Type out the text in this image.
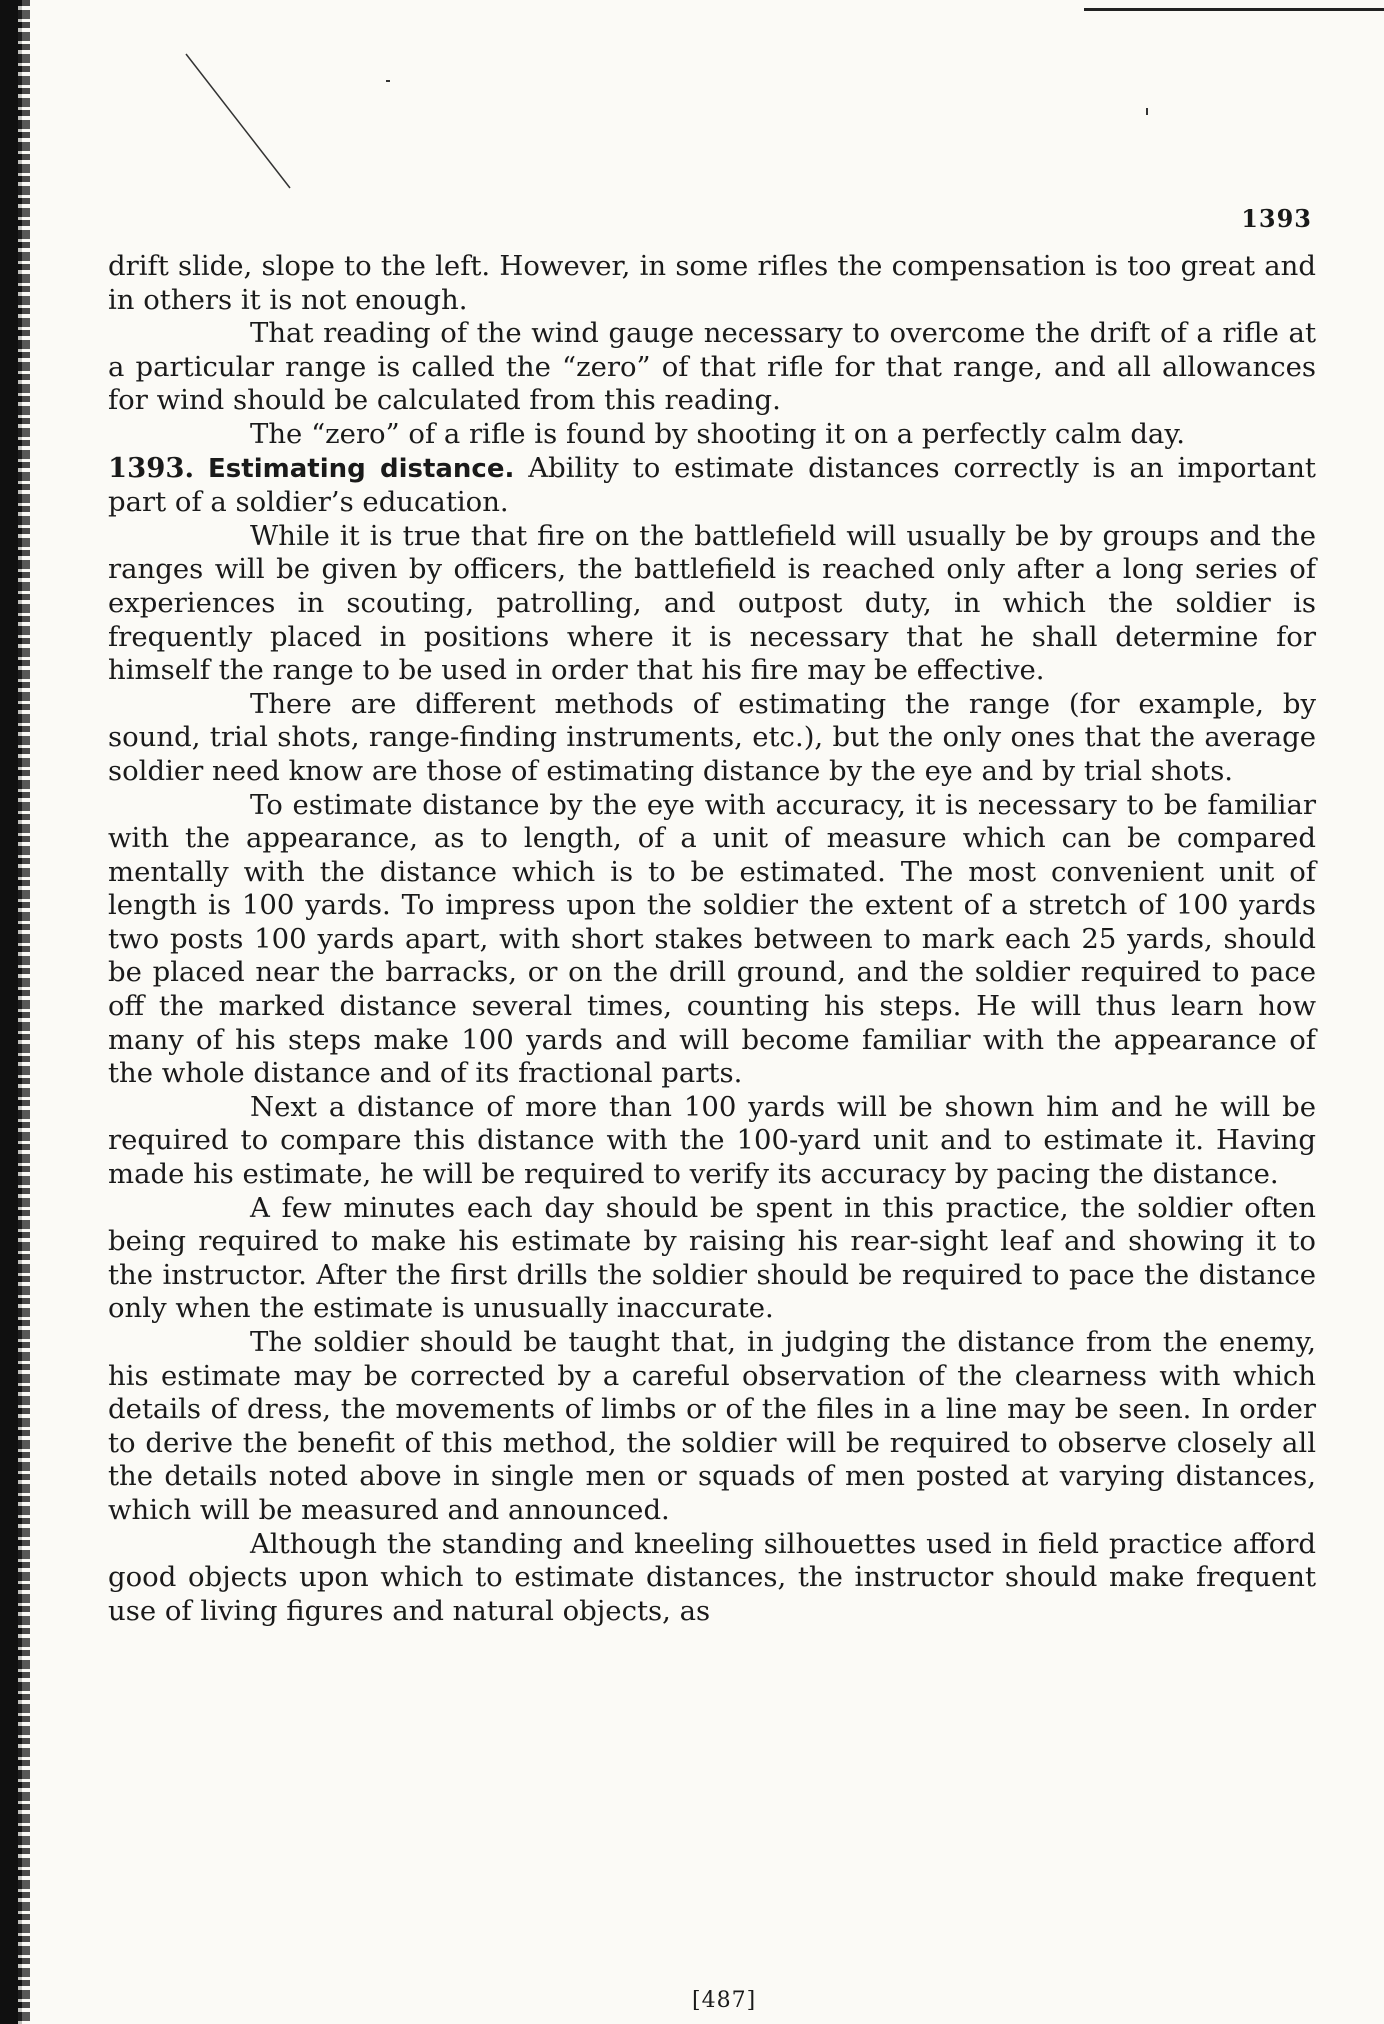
1393

drift slide, slope to the left. However, in some rifles the compensation is too great and in others it is not enough.

That reading of the wind gauge necessary to overcome the drift of a rifle at a particular range is called the “zero” of that rifle for that range, and all allowances for wind should be calculated from this reading.

The “zero” of a rifle is found by shooting it on a perfectly calm day.

1393. Estimating distance. Ability to estimate distances correctly is an important part of a soldier’s education.

While it is true that fire on the battlefield will usually be by groups and the ranges will be given by officers, the battlefield is reached only after a long series of experiences in scouting, patrolling, and outpost duty, in which the soldier is frequently placed in positions where it is necessary that he shall determine for himself the range to be used in order that his fire may be effective.

There are different methods of estimating the range (for example, by sound, trial shots, range-finding instruments, etc.), but the only ones that the average soldier need know are those of estimating distance by the eye and by trial shots.

To estimate distance by the eye with accuracy, it is necessary to be familiar with the appearance, as to length, of a unit of measure which can be compared mentally with the distance which is to be estimated. The most convenient unit of length is 100 yards. To impress upon the soldier the extent of a stretch of 100 yards two posts 100 yards apart, with short stakes between to mark each 25 yards, should be placed near the barracks, or on the drill ground, and the soldier required to pace off the marked distance several times, counting his steps. He will thus learn how many of his steps make 100 yards and will become familiar with the appearance of the whole distance and of its fractional parts.

Next a distance of more than 100 yards will be shown him and he will be required to compare this distance with the 100-yard unit and to estimate it. Having made his estimate, he will be required to verify its accuracy by pacing the distance.

A few minutes each day should be spent in this practice, the soldier often being required to make his estimate by raising his rear-sight leaf and showing it to the instructor. After the first drills the soldier should be required to pace the distance only when the estimate is unusually inaccurate.

The soldier should be taught that, in judging the distance from the enemy, his estimate may be corrected by a careful observation of the clearness with which details of dress, the movements of limbs or of the files in a line may be seen. In order to derive the benefit of this method, the soldier will be required to observe closely all the details noted above in single men or squads of men posted at varying distances, which will be measured and announced.

Although the standing and kneeling silhouettes used in field practice afford good objects upon which to estimate distances, the instructor should make frequent use of living figures and natural objects, as

[487]
